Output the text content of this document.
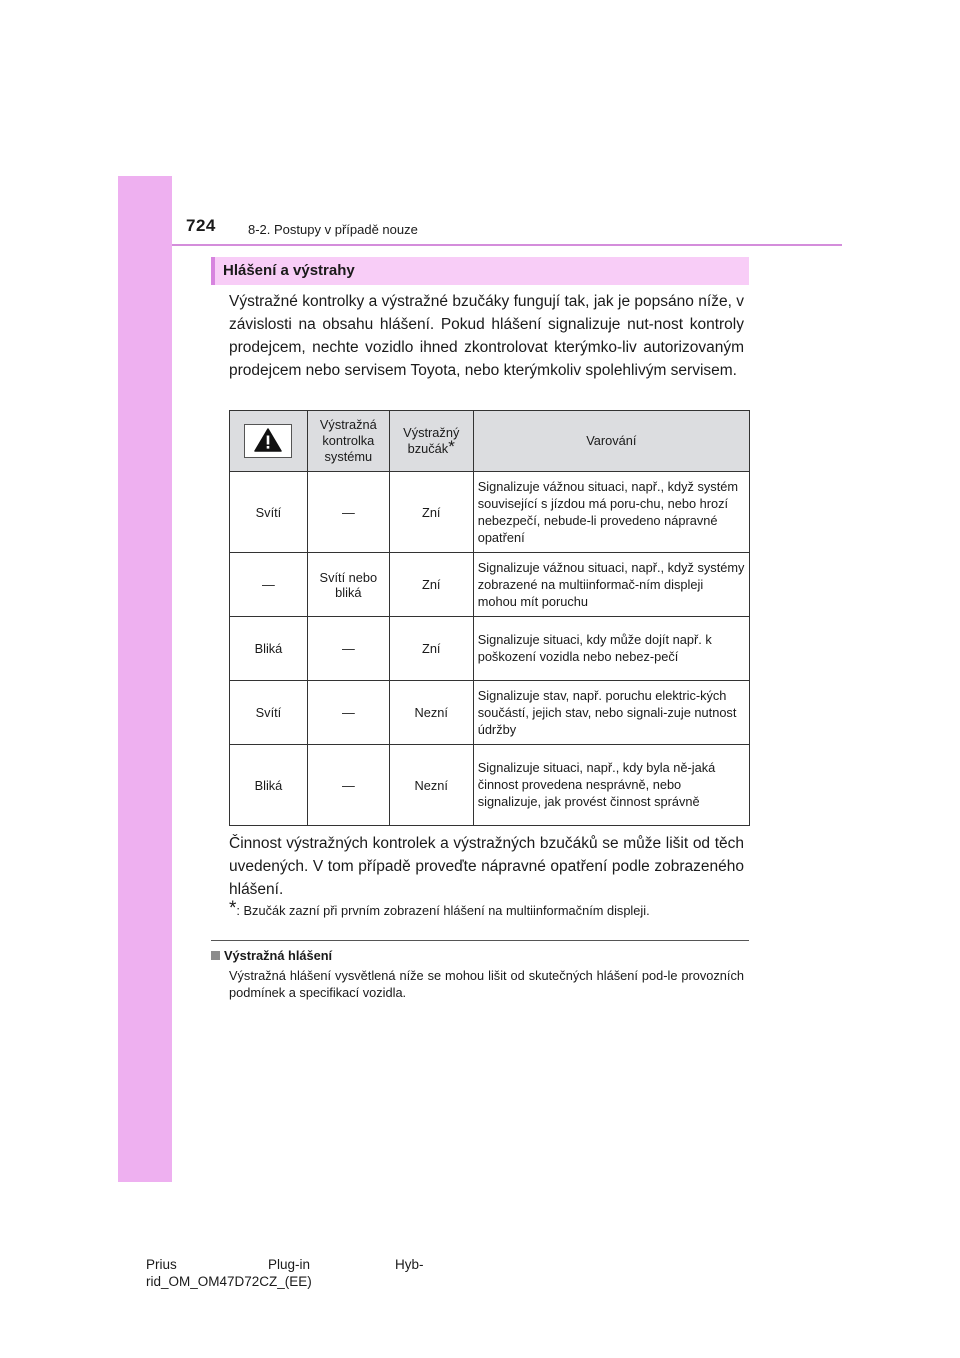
724 8-2. Postupy v případě nouze
Hlášení a výstrahy

Výstražné kontrolky a výstražné bzučáky fungují tak, jak je popsáno níže, v závislosti na obsahu hlášení. Pokud hlášení signalizuje nut-nost kontroly prodejcem, nechte vozidlo ihned zkontrolovat kterýmko-liv autorizovaným prodejcem nebo servisem Toyota, nebo kterýmkoliv spolehlivým servisem.

	Výstražná kontrolka systému	Výstražný bzučák*	Varování
Svítí	—	Zní	Signalizuje vážnou situaci, např., když systém související s jízdou má poru-chu, nebo hrozí nebezpečí, nebude-li provedeno nápravné opatření
—	Svítí nebo bliká	Zní	Signalizuje vážnou situaci, např., když systémy zobrazené na multiinformač-ním displeji mohou mít poruchu
Bliká	—	Zní	Signalizuje situaci, kdy může dojít např. k poškození vozidla nebo nebez-pečí
Svítí	—	Nezní	Signalizuje stav, např. poruchu elektric-kých součástí, jejich stav, nebo signali-zuje nutnost údržby
Bliká	—	Nezní	Signalizuje situaci, např., kdy byla ně-jaká činnost provedena nesprávně, nebo signalizuje, jak provést činnost správně

Činnost výstražných kontrolek a výstražných bzučáků se může lišit od těch uvedených. V tom případě proveďte nápravné opatření podle zobrazeného hlášení.

*: Bzučák zazní při prvním zobrazení hlášení na multiinformačním displeji.
Výstražná hlášení

Výstražná hlášení vysvětlená níže se mohou lišit od skutečných hlášení pod-le provozních podmínek a specifikací vozidla.

Prius	Plug-in	Hyb-
rid_OM_OM47D72CZ_(EE)
